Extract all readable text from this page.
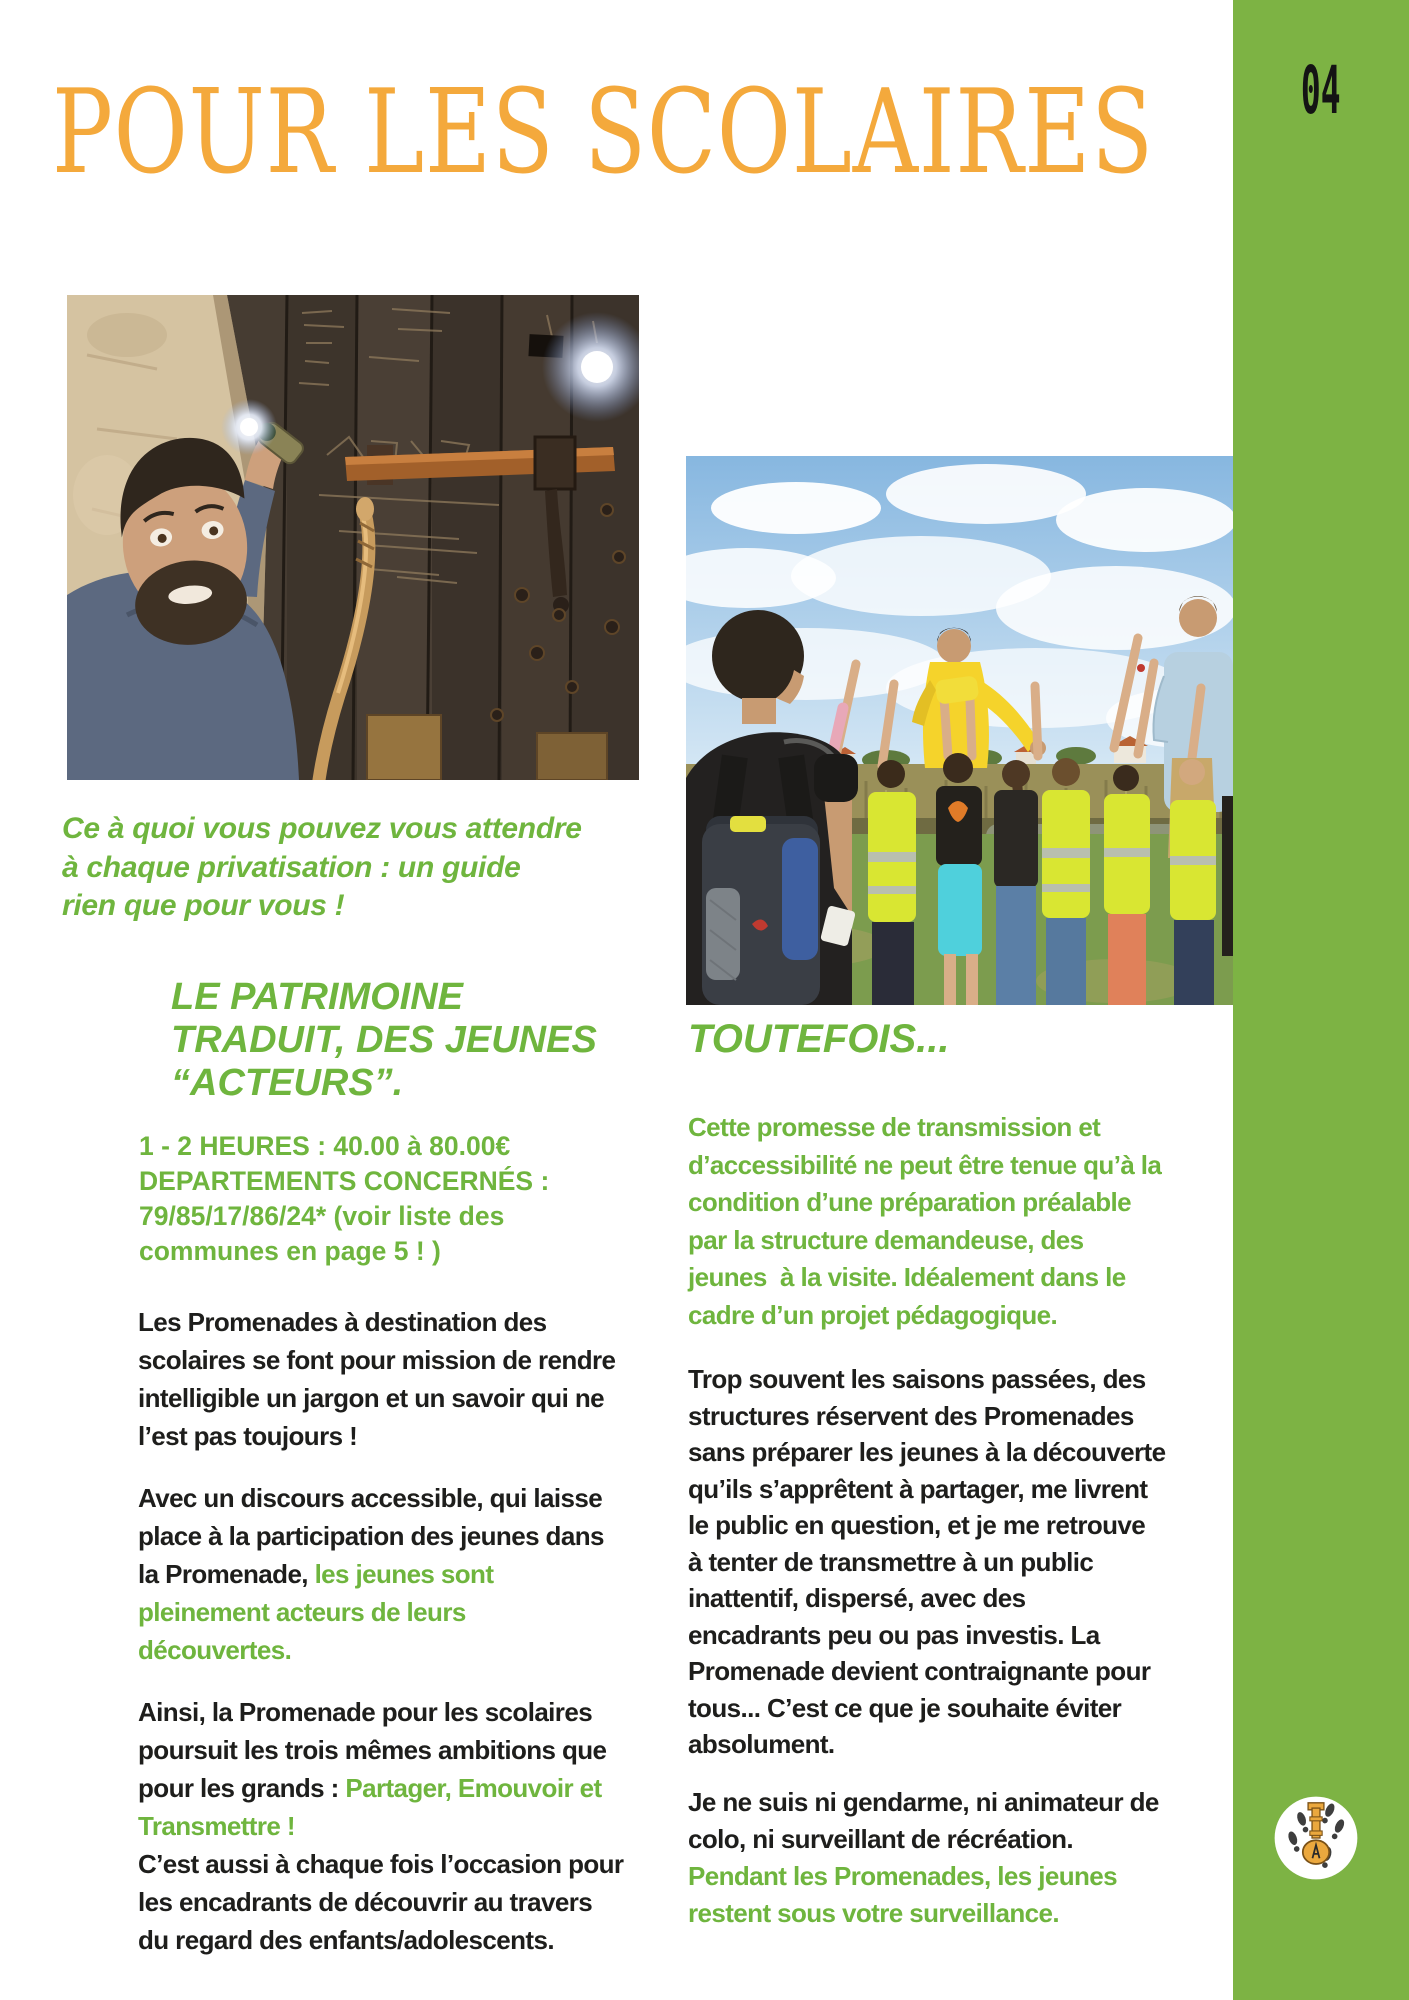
04
POUR LES SCOLAIRES
Ce à quoi vous pouvez vous attendre
à chaque privatisation : un guide
rien que pour vous !
LE PATRIMOINE
TRADUIT, DES JEUNES
“ACTEURS”.
1 - 2 HEURES : 40.00 à 80.00€
DEPARTEMENTS CONCERNÉS :
79/85/17/86/24* (voir liste des
communes en page 5 ! )
Les Promenades à destination des
scolaires se font pour mission de rendre
intelligible un jargon et un savoir qui ne
l’est pas toujours !
Avec un discours accessible, qui laisse
place à la participation des jeunes dans
la Promenade, les jeunes sont
pleinement acteurs de leurs
découvertes.
Ainsi, la Promenade pour les scolaires
poursuit les trois mêmes ambitions que
pour les grands : Partager, Emouvoir et
Transmettre !
C’est aussi à chaque fois l’occasion pour
les encadrants de découvrir au travers
du regard des enfants/adolescents.
TOUTEFOIS...
Cette promesse de transmission et
d’accessibilité ne peut être tenue qu’à la
condition d’une préparation préalable
par la structure demandeuse, des
jeunes  à la visite. Idéalement dans le
cadre d’un projet pédagogique.
Trop souvent les saisons passées, des
structures réservent des Promenades
sans préparer les jeunes à la découverte
qu’ils s’apprêtent à partager, me livrent
le public en question, et je me retrouve
à tenter de transmettre à un public
inattentif, dispersé, avec des
encadrants peu ou pas investis. La
Promenade devient contraignante pour
tous... C’est ce que je souhaite éviter
absolument.
Je ne suis ni gendarme, ni animateur de
colo, ni surveillant de récréation.
Pendant les Promenades, les jeunes
restent sous votre surveillance.
